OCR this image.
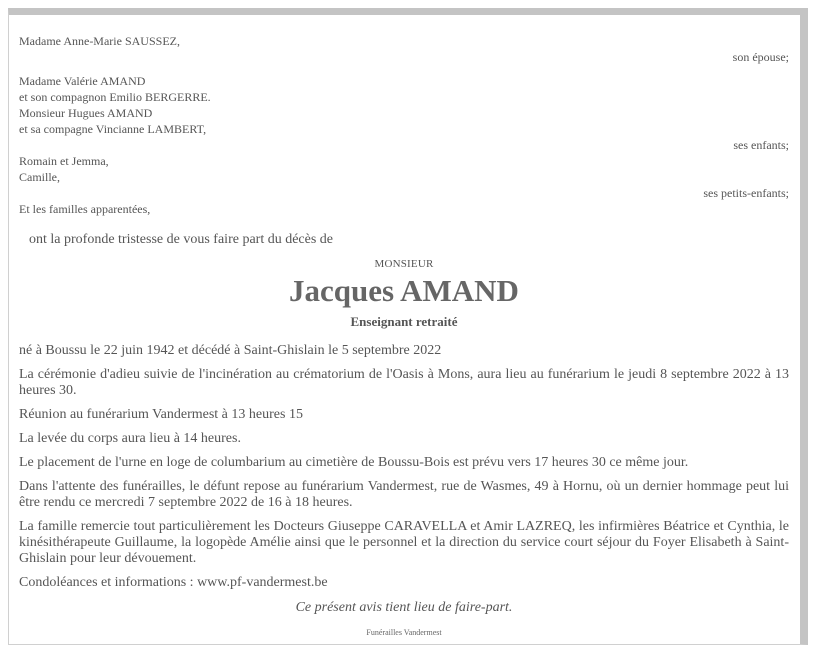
Madame Anne-Marie SAUSSEZ,
son épouse;
Madame Valérie AMAND
et son compagnon Emilio BERGERRE.
Monsieur Hugues AMAND
et sa compagne Vincianne LAMBERT,
ses enfants;
Romain et Jemma,
Camille,
ses petits-enfants;
Et les familles apparentées,
ont la profonde tristesse de vous faire part du décès de
MONSIEUR
Jacques AMAND
Enseignant retraité
né à Boussu le 22 juin 1942 et décédé à Saint-Ghislain le 5 septembre 2022
La cérémonie d'adieu suivie de l'incinération au crématorium de l'Oasis à Mons, aura lieu au funérarium le jeudi 8 septembre 2022 à 13 heures 30.
Réunion au funérarium Vandermest à 13 heures 15
La levée du corps aura lieu à 14 heures.
Le placement de l'urne en loge de columbarium au cimetière de Boussu-Bois est prévu vers 17 heures 30 ce même jour.
Dans l'attente des funérailles, le défunt repose au funérarium Vandermest, rue de Wasmes, 49 à Hornu, où un dernier hommage peut lui être rendu ce mercredi 7 septembre 2022 de 16 à 18 heures.
La famille remercie tout particulièrement les Docteurs Giuseppe CARAVELLA et Amir LAZREQ, les infirmières Béatrice et Cynthia, le kinésithérapeute Guillaume, la logopède Amélie ainsi que le personnel et la direction du service court séjour du Foyer Elisabeth à Saint-Ghislain pour leur dévouement.
Condoléances et informations : www.pf-vandermest.be
Ce présent avis tient lieu de faire-part.
Funérailles Vandermest
